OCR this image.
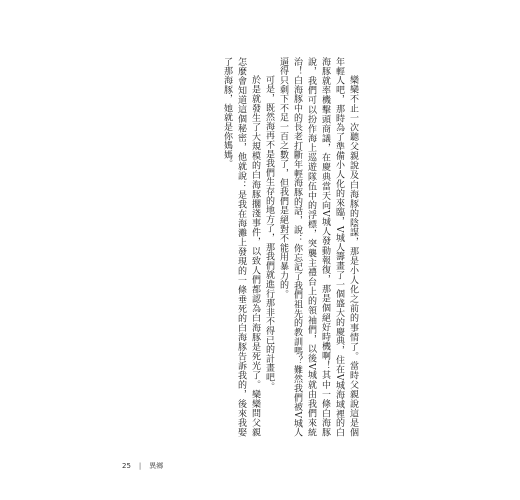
欒欒不止一次聽父親說及白海豚的陰謀，那是小人化之前的事情了。當時父親說這是個年輕人吧，那時為了準備小人化的來臨，V城人籌畫了一個盛大的慶典，住在V城海域裡的白海豚就率機擊頭商議，在慶典當天向V城人發動報復，那是個絕好時機啊！其中一條白海豚說，我們可以扮作海上巡遊隊伍中的浮標，突襲主禮台上的領袖們，以後V城就由我們來統治！白海豚中的長老打斷年輕海豚的話，說：你忘記了我們祖先的教訓嗎？難然我們被V城人逼得只剩下不足一百之數了，但我們是絕對不能用暴力的。

可是，既然海再不是我們生存的地方了，那我們就進行那非不得已的計畫吧。

於是就發生了大規模的白海豚擱淺事件，以致人們都認為白海豚是死光了。欒欒問父親怎麼會知道這個秘密，他就說：是我在海灘上發現的一條垂死的白海豚告訴我的，後來我娶了那海豚，她就是你媽媽。

25 | 異鄉
